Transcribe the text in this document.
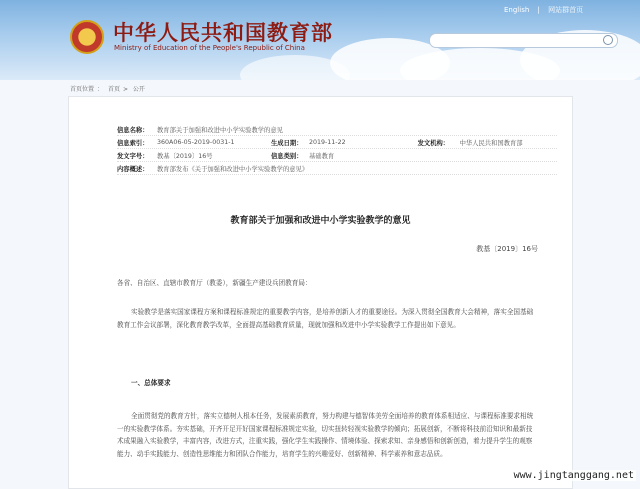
★
中华人民共和国教育部
Ministry of Education of the People's Republic of China
English | 网站群首页
首页位置 ： 首页 > 公开
信息名称：	教育部关于加强和改进中小学实验教学的意见
信息索引：	360A06-05-2019-0031-1	生成日期：	2019-11-22	发文机构：	中华人民共和国教育部
发文字号：	教基〔2019〕16号	信息类别：	基础教育
内容概述：	教育部发布《关于加强和改进中小学实验教学的意见》
教育部关于加强和改进中小学实验教学的意见
教基〔2019〕16号
各省、自治区、直辖市教育厅（教委），新疆生产建设兵团教育局：
实验教学是落实国家课程方案和课程标准规定的重要教学内容，是培养创新人才的重要途径。为深入贯彻全国教育大会精神，落实全国基础教育工作会议部署，深化教育教学改革，全面提高基础教育质量，现就加强和改进中小学实验教学工作提出如下意见。
一、总体要求
全面贯彻党的教育方针，落实立德树人根本任务，发展素质教育，努力构建与德智体美劳全面培养的教育体系相适应、与课程标准要求相统一的实验教学体系。夯实基础，开齐开足开好国家课程标准规定实验，切实扭转轻视实验教学的倾向；拓展创新，不断将科技前沿知识和最新技术成果融入实验教学，丰富内容，改进方式，注重实践，强化学生实践操作、情境体验、探索求知、亲身感悟和创新创造，着力提升学生的观察能力、动手实践能力、创造性思维能力和团队合作能力，培育学生的兴趣爱好、创新精神、科学素养和意志品质。
www.jingtanggang.net
